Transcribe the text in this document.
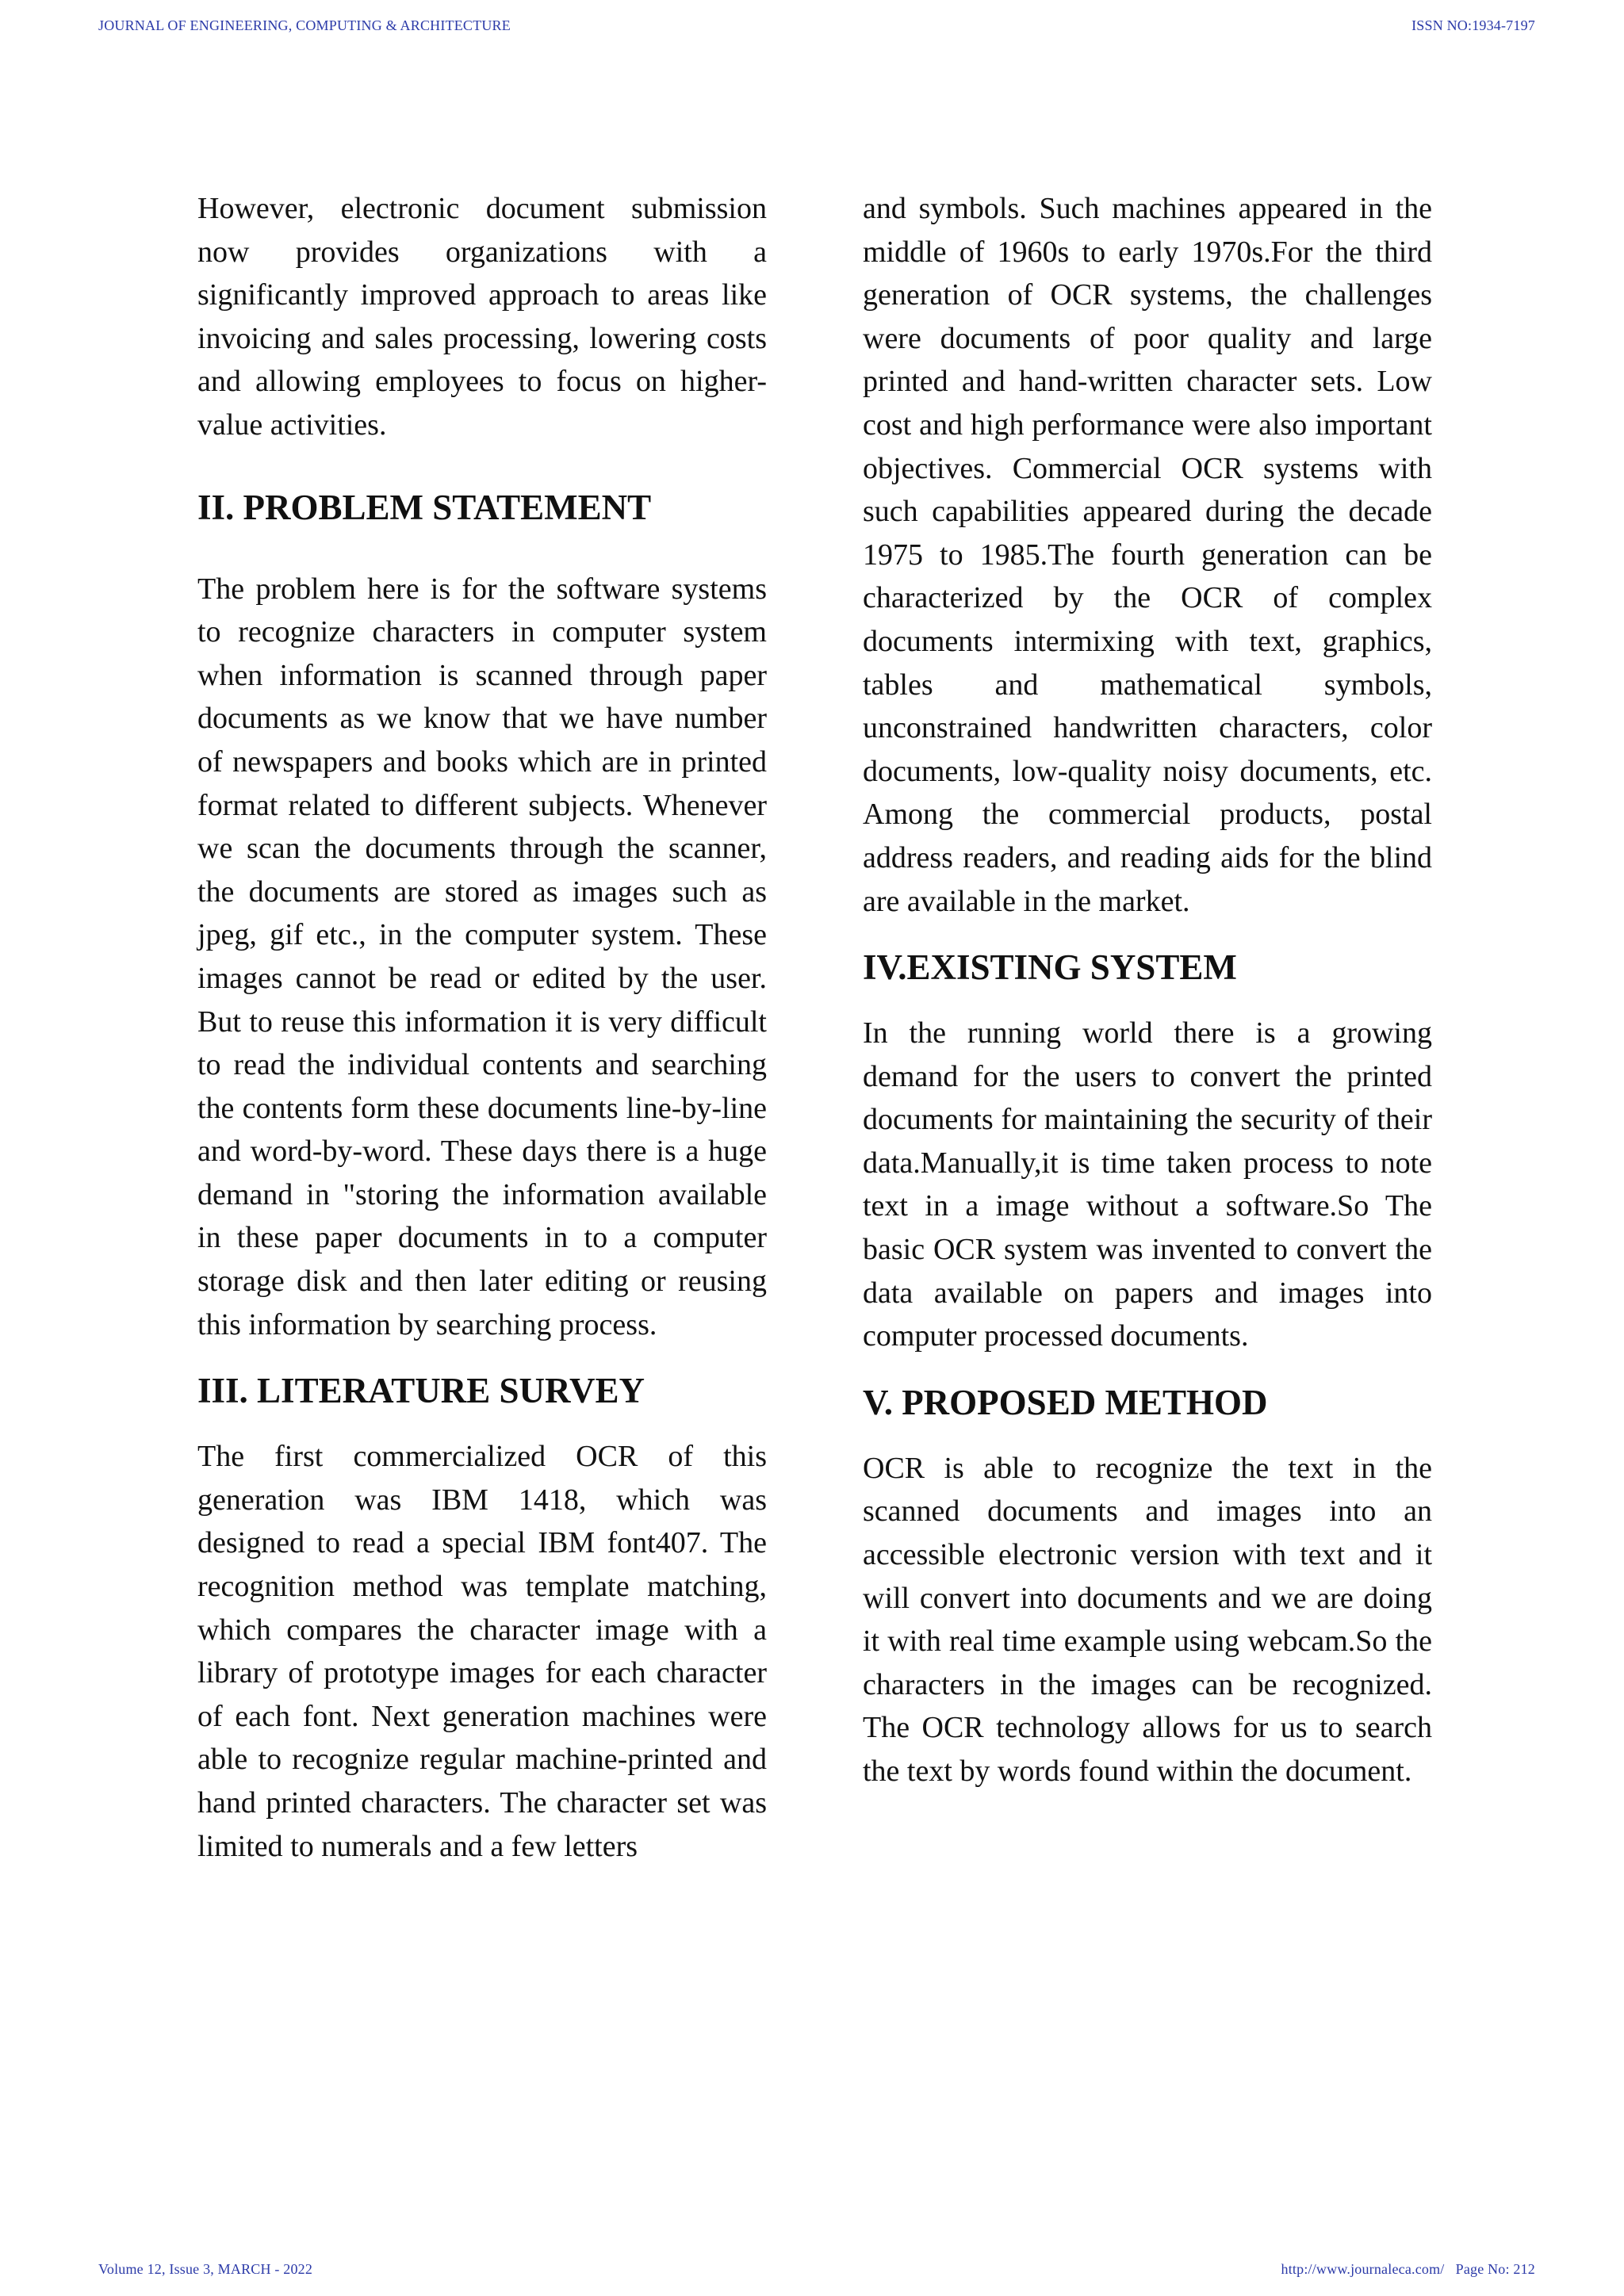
JOURNAL OF ENGINEERING, COMPUTING & ARCHITECTURE	ISSN NO:1934-7197

However, electronic document submission now provides organizations with a significantly improved approach to areas like invoicing and sales processing, lowering costs and allowing employees to focus on higher-value activities.

II. PROBLEM STATEMENT

The problem here is for the software systems to recognize characters in computer system when information is scanned through paper documents as we know that we have number of newspapers and books which are in printed format related to different subjects. Whenever we scan the documents through the scanner, the documents are stored as images such as jpeg, gif etc., in the computer system. These images cannot be read or edited by the user. But to reuse this information it is very difficult to read the individual contents and searching the contents form these documents line-by-line and word-by-word. These days there is a huge demand in "storing the information available in these paper documents in to a computer storage disk and then later editing or reusing this information by searching process.

III. LITERATURE SURVEY

The first commercialized OCR of this generation was IBM 1418, which was designed to read a special IBM font407. The recognition method was template matching, which compares the character image with a library of prototype images for each character of each font. Next generation machines were able to recognize regular machine-printed and hand printed characters. The character set was limited to numerals and a few letters

and symbols. Such machines appeared in the middle of 1960s to early 1970s.For the third generation of OCR systems, the challenges were documents of poor quality and large printed and hand-written character sets. Low cost and high performance were also important objectives. Commercial OCR systems with such capabilities appeared during the decade 1975 to 1985.The fourth generation can be characterized by the OCR of complex documents intermixing with text, graphics, tables and mathematical symbols, unconstrained handwritten characters, color documents, low-quality noisy documents, etc. Among the commercial products, postal address readers, and reading aids for the blind are available in the market.

IV.EXISTING SYSTEM

In the running world there is a growing demand for the users to convert the printed documents for maintaining the security of their data.Manually,it is time taken process to note text in a image without a software.So The basic OCR system was invented to convert the data available on papers and images into computer processed documents.

V. PROPOSED METHOD

OCR is able to recognize the text in the scanned documents and images into an accessible electronic version with text and it will convert into documents and we are doing it with real time example using webcam.So the characters in the images can be recognized. The OCR technology allows for us to search the text by words found within the document.

Volume 12, Issue 3, MARCH - 2022	http://www.journaleca.com/   Page No: 212
